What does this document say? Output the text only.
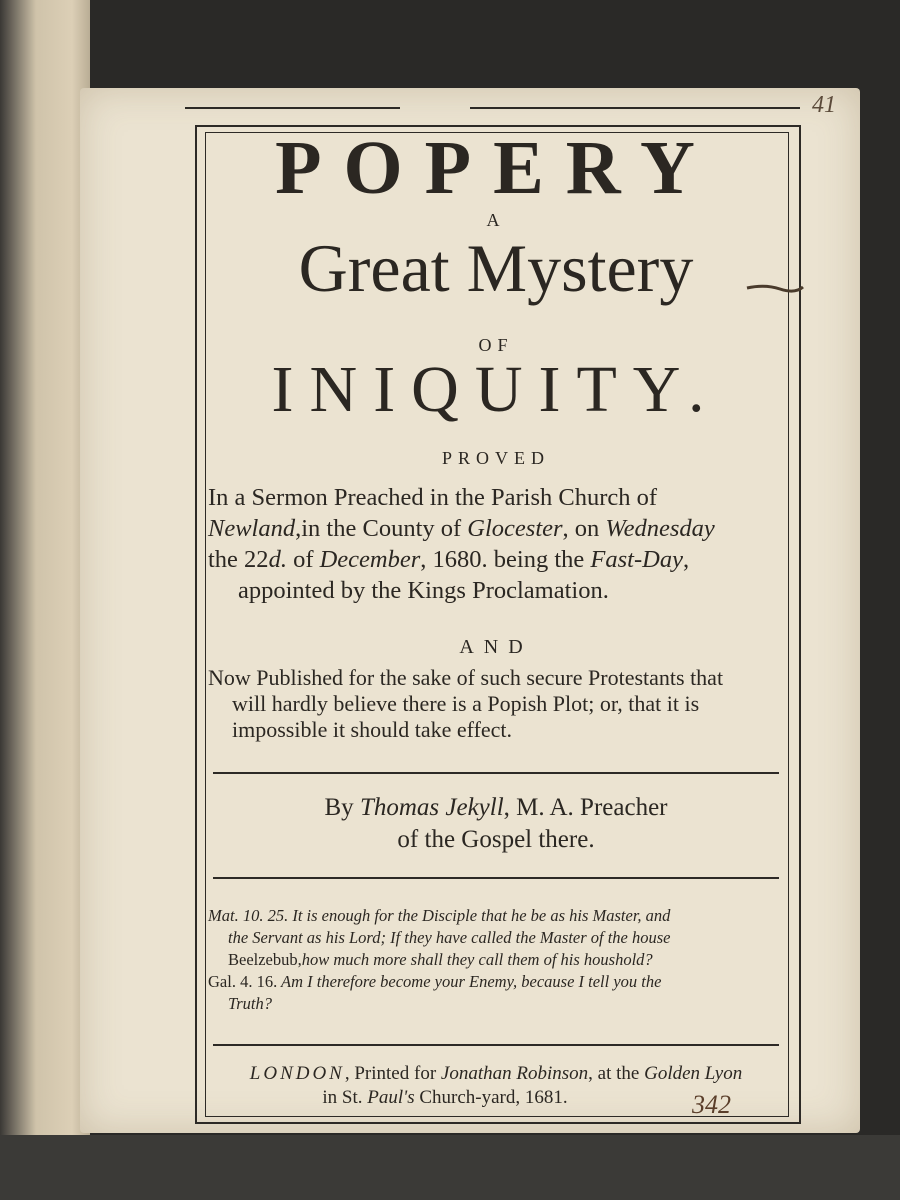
41
POPERY
A
Great Mystery
OF
INIQUITY.
PROVED
In a Sermon Preached in the Parish Church of
Newland,in the County of Glocester, on Wednesday
the 22d. of December, 1680. being the Fast-Day,
appointed by the Kings Proclamation.
AND
Now Published for the sake of such secure Protestants that
will hardly believe there is a Popish Plot; or, that it is
impossible it should take effect.
By Thomas Jekyll, M. A. Preacher
of the Gospel there.
Mat. 10. 25. It is enough for the Disciple that he be as his Master, and
the Servant as his Lord; If they have called the Master of the house
Beelzebub,how much more shall they call them of his houshold?
Gal. 4. 16. Am I therefore become your Enemy, because I tell you the
Truth?
LONDON, Printed for Jonathan Robinson, at the Golden Lyon
in St. Paul's Church-yard, 1681.	342
